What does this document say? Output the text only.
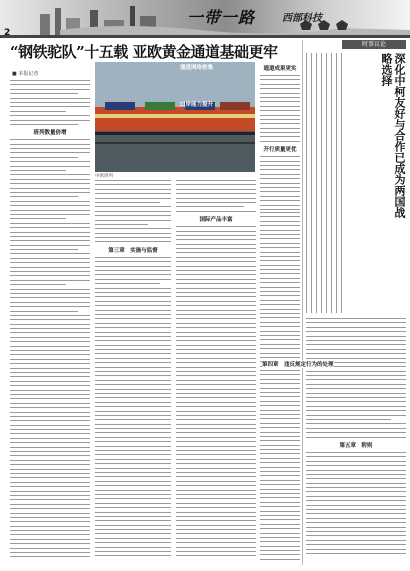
2
一带一路	西部科技
“钢铁驼队”十五载 亚欧黄金通道基础更牢
■ 本报记者
时事议论
深化中柯友好与合作已成为两国战略选择
中欧班列
班列数量倍增
第三章　实施与监督
国际产品丰富
通道成果更实
开行质量更优
第五章　附则
通道网络密集
口岸能力提升
第四章　违反规定行为的处理
